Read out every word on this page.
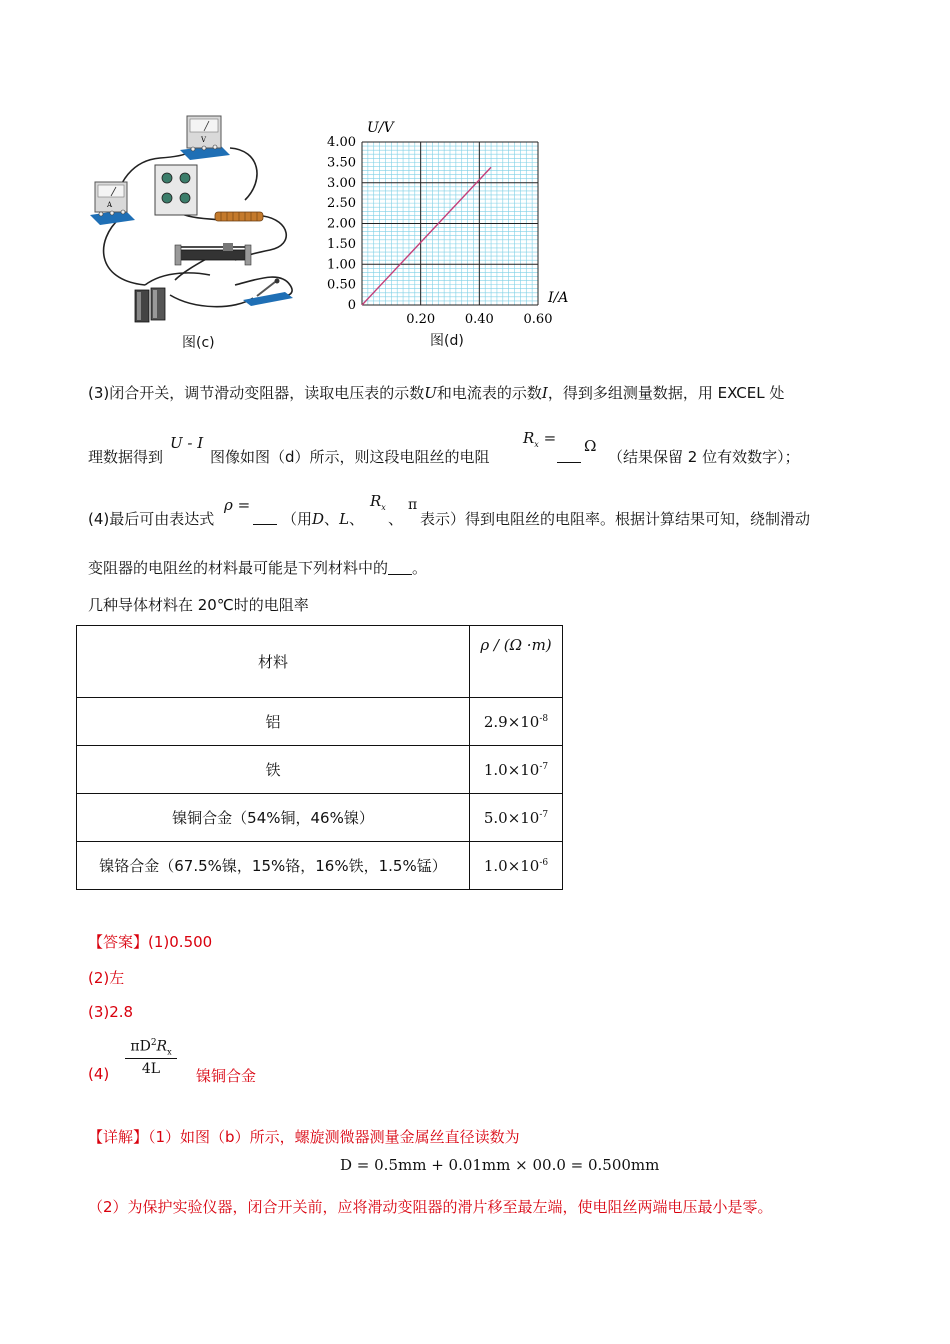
A
V
图(c)
4.00
3.50
3.00
2.50
2.00
1.50
1.00
0.50
0
0.20 0.40 0.60
U/V
I/A
图(d)
(3)闭合开关，调节滑动变阻器，读取电压表的示数U和电流表的示数I，得到多组测量数据，用 EXCEL 处
理数据得到
U - I
图像如图（d）所示，则这段电阻丝的电阻
$R_x = \Omega$
（结果保留 2 位有效数字）；
(4)最后可由表达式
ρ =
（用D、L、
$R_x$
、
π
表示）得到电阻丝的电阻率。根据计算结果可知，绕制滑动
变阻器的电阻丝的材料最可能是下列材料中的 。
几种导体材料在 20℃时的电阻率
材料	ρ / (Ω ·m)
铝	$2.9\times 10^{-8}$
铁	$1.0\times 10^{-7}$
镍铜合金（54%铜，46%镍）	$5.0\times 10^{-7}$
镍铬合金（67.5%镍，15%铬，16%铁，1.5%锰）	$1.0\times 10^{-6}$
【答案】(1)0.500
(2)左
(3)2.8
$(4) \frac{\pi D^2R_x}{4L}$ 镍铜合金
【详解】（1）如图（b）所示，螺旋测微器测量金属丝直径读数为
D = 0.5mm + 0.01mm × 00.0 = 0.500mm
（2）为保护实验仪器，闭合开关前，应将滑动变阻器的滑片移至最左端，使电阻丝两端电压最小是零。
